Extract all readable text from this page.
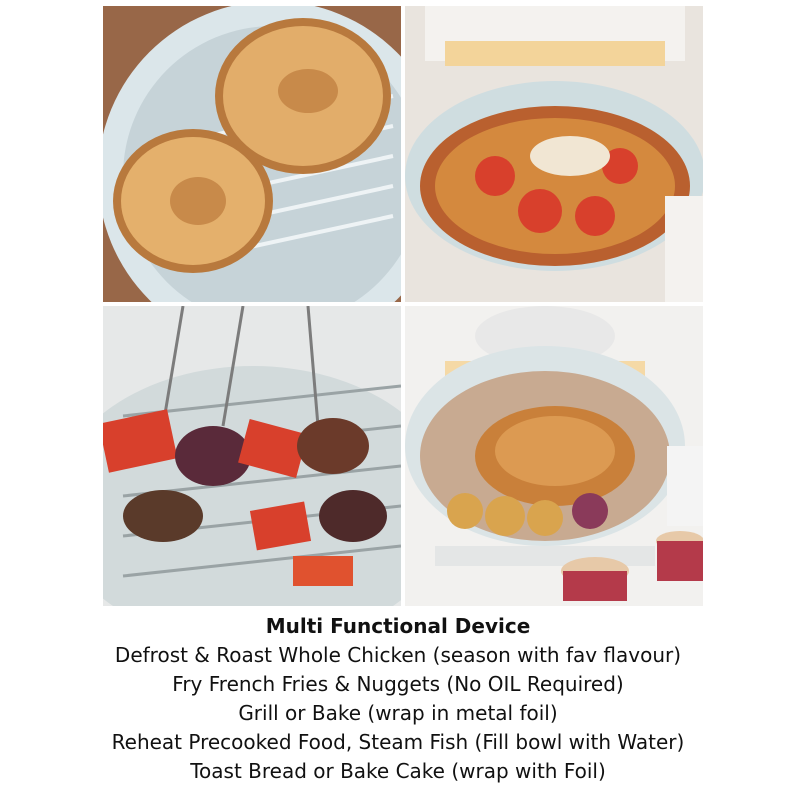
Multi Functional Device

Defrost & Roast Whole Chicken (season with fav flavour)

Fry French Fries & Nuggets (No OIL Required)

Grill or Bake (wrap in metal foil)

Reheat Precooked Food, Steam Fish (Fill bowl with Water)

Toast Bread or Bake Cake (wrap with Foil)
